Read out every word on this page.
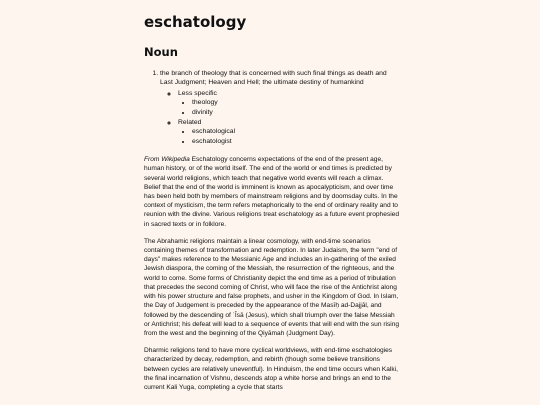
eschatology
Noun
1. the branch of theology that is concerned with such final things as death and Last Judgment; Heaven and Hell; the ultimate destiny of humankind
◦ Less specific
• theology
• divinity
◦ Related
• eschatological
• eschatologist

From Wikipedia Eschatology concerns expectations of the end of the present age, human history, or of the world itself. The end of the world or end times is predicted by several world religions, which teach that negative world events will reach a climax. Belief that the end of the world is imminent is known as apocalypticism, and over time has been held both by members of mainstream religions and by doomsday cults. In the context of mysticism, the term refers metaphorically to the end of ordinary reality and to reunion with the divine. Various religions treat eschatology as a future event prophesied in sacred texts or in folklore.

The Abrahamic religions maintain a linear cosmology, with end-time scenarios containing themes of transformation and redemption. In later Judaism, the term "end of days" makes reference to the Messianic Age and includes an in-gathering of the exiled Jewish diaspora, the coming of the Messiah, the resurrection of the righteous, and the world to come. Some forms of Christianity depict the end time as a period of tribulation that precedes the second coming of Christ, who will face the rise of the Antichrist along with his power structure and false prophets, and usher in the Kingdom of God. In Islam, the Day of Judgement is preceded by the appearance of the Masīḥ ad-Dajjāl, and followed by the descending of ʿĪsā (Jesus), which shall triumph over the false Messiah or Antichrist; his defeat will lead to a sequence of events that will end with the sun rising from the west and the beginning of the Qiyāmah (Judgment Day).

Dharmic religions tend to have more cyclical worldviews, with end-time eschatologies characterized by decay, redemption, and rebirth (though some believe transitions between cycles are relatively uneventful). In Hinduism, the end time occurs when Kalki, the final incarnation of Vishnu, descends atop a white horse and brings an end to the current Kali Yuga, completing a cycle that starts
